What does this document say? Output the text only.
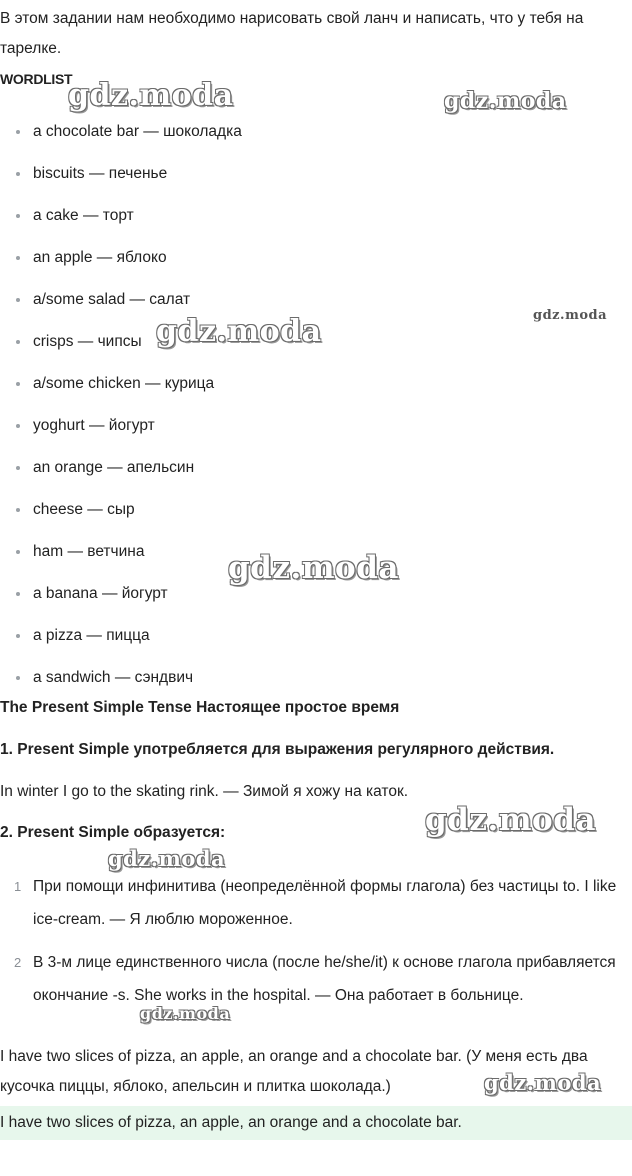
В этом задании нам необходимо нарисовать свой ланч и написать, что у тебя на тарелке.
WORDLIST
a chocolate bar — шоколадка
biscuits — печенье
a cake — торт
an apple — яблоко
a/some salad — салат
crisps — чипсы
a/some chicken — курица
yoghurt — йогурт
an orange — апельсин
cheese — сыр
ham — ветчина
a banana — йогурт
a pizza — пицца
a sandwich — сэндвич
The Present Simple Tense Настоящее простое время
1. Present Simple употребляется для выражения регулярного действия.
In winter I go to the skating rink. — Зимой я хожу на каток.
2. Present Simple образуется:
1 При помощи инфинитива (неопределённой формы глагола) без частицы to. I like ice-cream. — Я люблю мороженное.
2 В 3-м лице единственного числа (после he/she/it) к основе глагола прибавляется окончание -s. She works in the hospital. — Она работает в больнице.
I have two slices of pizza, an apple, an orange and a chocolate bar. (У меня есть два кусочка пиццы, яблоко, апельсин и плитка шоколада.)
I have two slices of pizza, an apple, an orange and a chocolate bar.
gdz.moda	gdz.moda
gdz.moda	gdz.moda
gdz.moda
gdz.moda
gdz.moda
gdz.moda
gdz.moda
